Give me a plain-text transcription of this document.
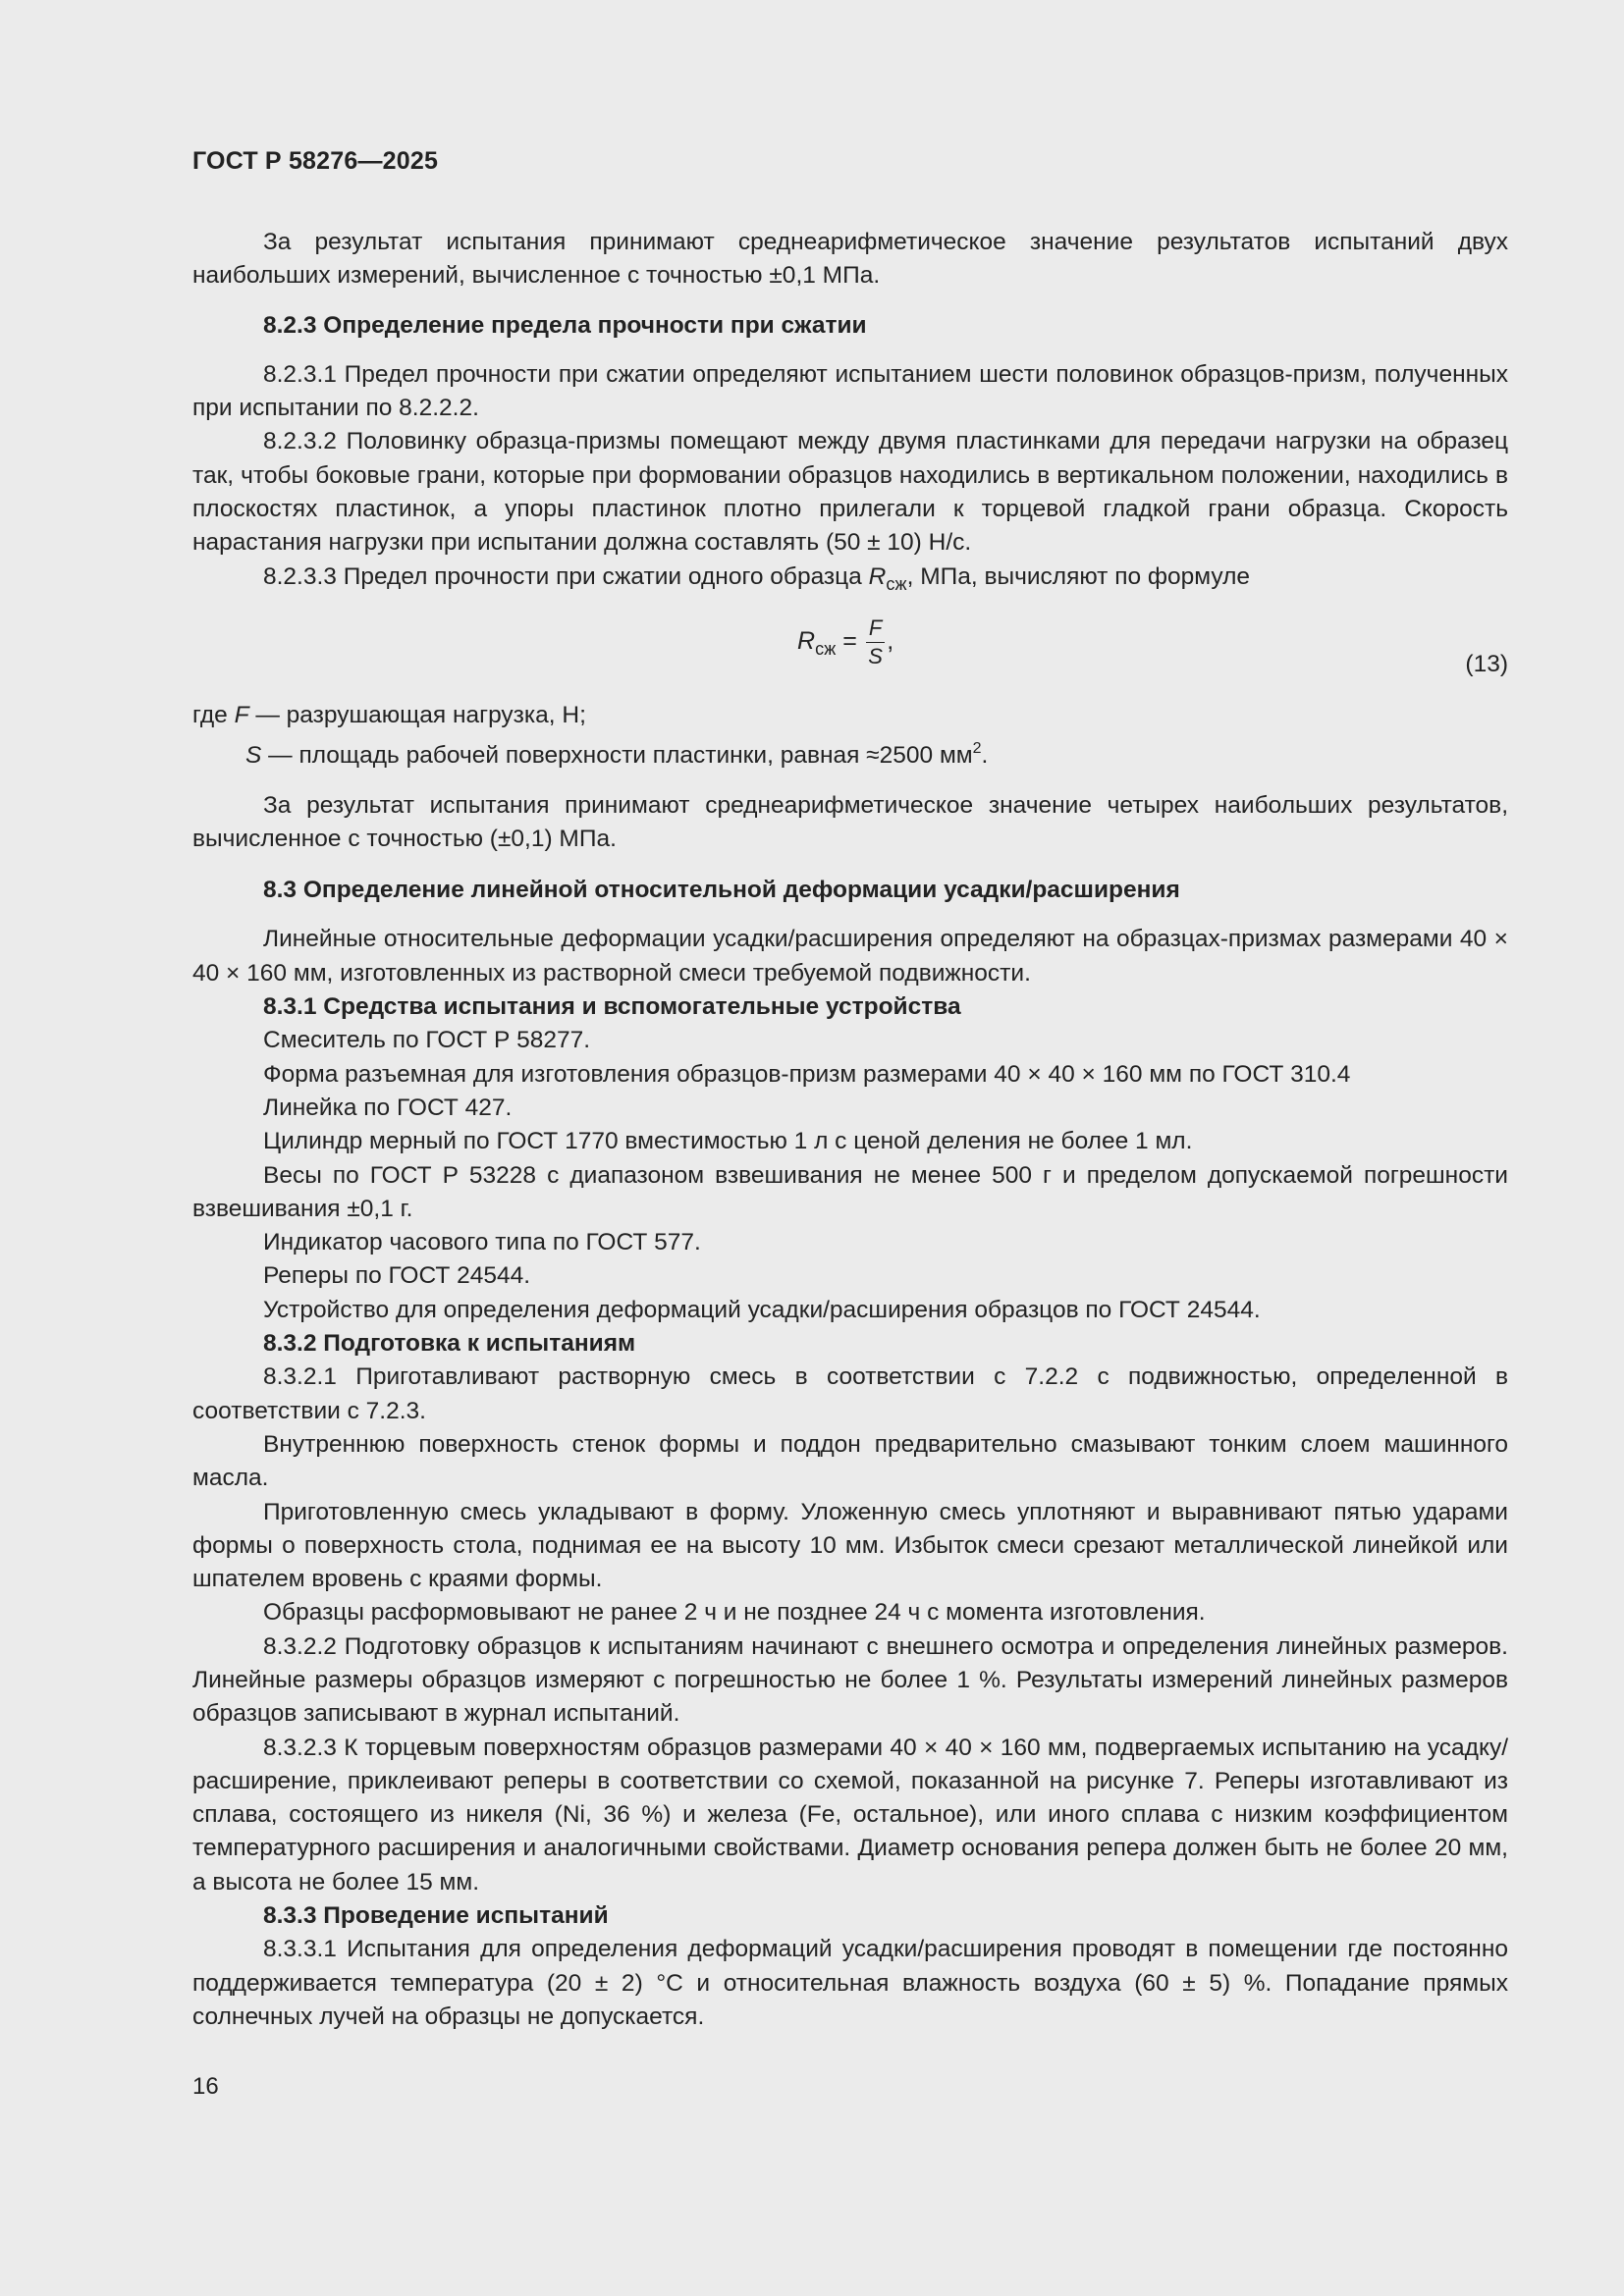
ГОСТ Р 58276—2025

За результат испытания принимают среднеарифметическое значение результатов испытаний двух наибольших измерений, вычисленное с точностью ±0,1 МПа.

8.2.3 Определение предела прочности при сжатии

8.2.3.1 Предел прочности при сжатии определяют испытанием шести половинок образцов-призм, полученных при испытании по 8.2.2.2.

8.2.3.2 Половинку образца-призмы помещают между двумя пластинками для передачи нагрузки на образец так, чтобы боковые грани, которые при формовании образцов находились в вертикальном положении, находились в плоскостях пластинок, а упоры пластинок плотно прилегали к торцевой гладкой грани образца. Скорость нарастания нагрузки при испытании должна составлять (50 ± 10) Н/с.

8.2.3.3 Предел прочности при сжатии одного образца $R_{сж}$, МПа, вычисляют по формуле

$R_{сж} = \frac{F}{S}$ ,
(13)

где F — разрушающая нагрузка, Н;

S — площадь рабочей поверхности пластинки, равная ≈2500 $мм^2$.

За результат испытания принимают среднеарифметическое значение четырех наибольших результатов, вычисленное с точностью (±0,1) МПа.

8.3 Определение линейной относительной деформации усадки/расширения

Линейные относительные деформации усадки/расширения определяют на образцах-призмах размерами 40 × 40 × 160 мм, изготовленных из растворной смеси требуемой подвижности.

8.3.1 Средства испытания и вспомогательные устройства

Смеситель по ГОСТ Р 58277.

Форма разъемная для изготовления образцов-призм размерами 40 × 40 × 160 мм по ГОСТ 310.4

Линейка по ГОСТ 427.

Цилиндр мерный по ГОСТ 1770 вместимостью 1 л с ценой деления не более 1 мл.

Весы по ГОСТ Р 53228 с диапазоном взвешивания не менее 500 г и пределом допускаемой погрешности взвешивания ±0,1 г.

Индикатор часового типа по ГОСТ 577.

Реперы по ГОСТ 24544.

Устройство для определения деформаций усадки/расширения образцов по ГОСТ 24544.

8.3.2 Подготовка к испытаниям

8.3.2.1 Приготавливают растворную смесь в соответствии с 7.2.2 с подвижностью, определенной в соответствии с 7.2.3.

Внутреннюю поверхность стенок формы и поддон предварительно смазывают тонким слоем машинного масла.

Приготовленную смесь укладывают в форму. Уложенную смесь уплотняют и выравнивают пятью ударами формы о поверхность стола, поднимая ее на высоту 10 мм. Избыток смеси срезают металлической линейкой или шпателем вровень с краями формы.

Образцы расформовывают не ранее 2 ч и не позднее 24 ч с момента изготовления.

8.3.2.2 Подготовку образцов к испытаниям начинают с внешнего осмотра и определения линейных размеров. Линейные размеры образцов измеряют с погрешностью не более 1 %. Результаты измерений линейных размеров образцов записывают в журнал испытаний.

8.3.2.3 К торцевым поверхностям образцов размерами 40 × 40 × 160 мм, подвергаемых испытанию на усадку/расширение, приклеивают реперы в соответствии со схемой, показанной на рисунке 7. Реперы изготавливают из сплава, состоящего из никеля (Ni, 36 %) и железа (Fe, остальное), или иного сплава с низким коэффициентом температурного расширения и аналогичными свойствами. Диаметр основания репера должен быть не более 20 мм, а высота не более 15 мм.

8.3.3 Проведение испытаний

8.3.3.1 Испытания для определения деформаций усадки/расширения проводят в помещении где постоянно поддерживается температура (20 ± 2) °С и относительная влажность воздуха (60 ± 5) %. Попадание прямых солнечных лучей на образцы не допускается.

16
